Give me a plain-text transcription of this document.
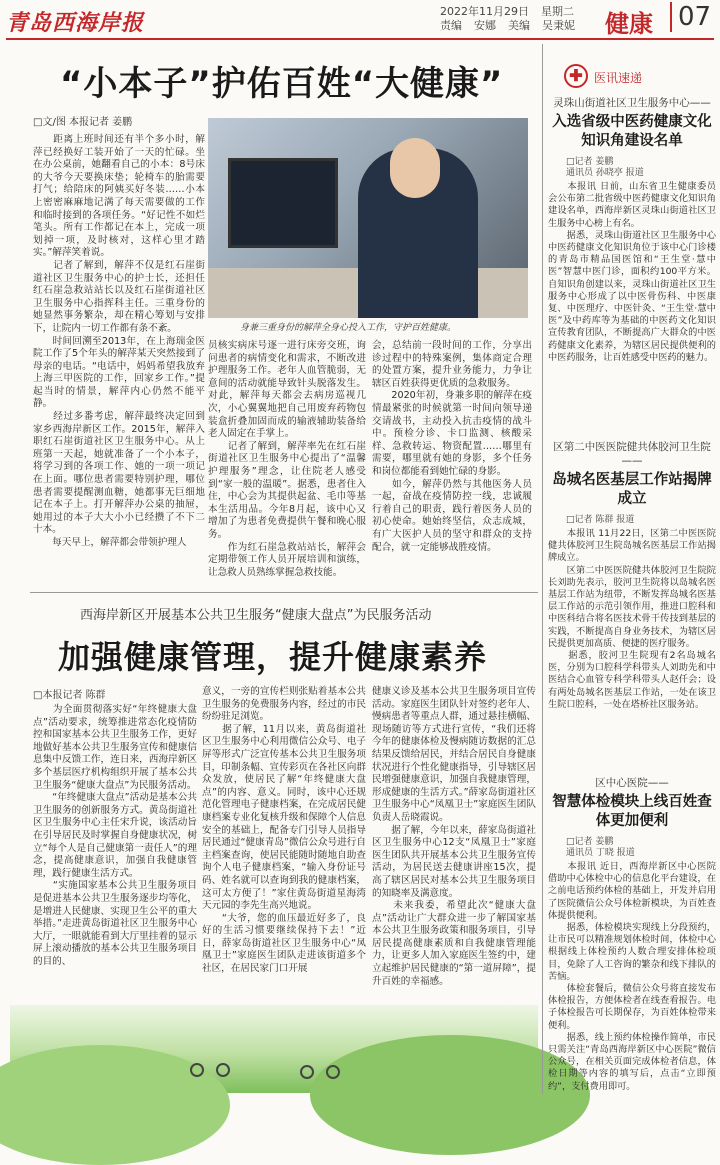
青岛西海岸报	2022年11月29日 星期二
责编 安娜 美编 吴秉妮 健康 07
“小本子”护佑百姓“大健康”
□文/图 本报记者 姜鹏
身兼三重身份的解萍全身心投入工作，守护百姓健康。
　　距离上班时间还有半个多小时，解萍已经换好工装开始了一天的忙碌。坐在办公桌前，她翻看自己的小本：8号床的大爷今天要换床垫；轮椅车的胎需要打气；给陪床的阿姨买好冬装……小本上密密麻麻地记满了每天需要做的工作和临时接到的各项任务。“好记性不如烂笔头。所有工作都记在本上，完成一项划掉一项，及时核对，这样心里才踏实。”解萍笑着说。
　　记者了解到，解萍不仅是红石崖街道社区卫生服务中心的护士长，还担任红石崖急救站站长以及红石崖街道社区卫生服务中心指挥科主任。三重身份的她显然事务繁杂，却在精心筹划与安排下，让院内一切工作都有条不紊。
　　时间回溯至2013年，在上海瑞金医院工作了5个年头的解萍某天突然接到了母亲的电话。“电话中，妈妈希望我放弃上海三甲医院的工作，回家乡工作。”提起当时的情景，解萍内心仍然不能平静。
　　经过多番考虑，解萍最终决定回到家乡西海岸新区工作。2015年，解萍入职红石崖街道社区卫生服务中心。从上班第一天起，她就准备了一个小本子，将学习到的各项工作、她的一项一项记在上面。哪位患者需要特别护理，哪位患者需要提醒测血糖，她都事无巨细地记在本子上。打开解萍办公桌的抽屉，她用过的本子大大小小已经攒了不下二十本。
　　每天早上，解萍都会带领护理人
员核实病床号逐一进行床旁交班，询问患者的病情变化和需求，不断改进护理服务工作。老年人血管脆弱，无意间的活动就能导致针头脱落发生。对此，解萍每天都会去病房巡视几次，小心翼翼地把自己用废弃药物包装盒折叠加固而成的输液辅助装备给老人固定在手掌上。
　　记者了解到，解萍率先在红石崖街道社区卫生服务中心提出了“温馨护理服务”理念，让住院老人感受到“家一般的温暖”。据悉，患者住入住，中心会为其提供起盆、毛巾等基本生活用品。今年8月起，该中心又增加了为患者免费提供午餐和晚心服务。
　　作为红石崖急救站站长，解萍会定期带领工作人员开展培训和演练，让急救人员熟练掌握急救技能。
会，总结前一段时间的工作，分享出诊过程中的特殊案例，集体商定合理的处置方案，提升业务能力，力争让辖区百姓获得更优质的急救服务。
　　2020年初，身兼多职的解萍在疫情最紧张的时候就第一时间向领导递交请战书，主动投入抗击疫情的战斗中。预检分诊、卡口监测、核酸采样、急救转运、物资配置……哪里有需要，哪里就有她的身影，多个任务和岗位都能看到她忙碌的身影。
　　如今，解萍仍然与其他医务人员一起，奋战在疫情防控一线，忠诚履行着自己的职责，践行着医务人员的初心使命。她始终坚信，众志成城，有广大医护人员的坚守和群众的支持配合，就一定能够战胜疫情。
西海岸新区开展基本公共卫生服务“健康大盘点”为民服务活动
加强健康管理，提升健康素养
□本报记者 陈群
　　为全面贯彻落实好“年终健康大盘点”活动要求，统筹推进常态化疫情防控和国家基本公共卫生服务工作，更好地做好基本公共卫生服务宣传和健康信息集中反馈工作，连日来，西海岸新区多个基层医疗机构组织开展了基本公共卫生服务“健康大盘点”为民服务活动。
　　“年终健康大盘点”活动是基本公共卫生服务的创新服务方式。黄岛街道社区卫生服务中心主任宋升说，该活动旨在引导居民及时掌握自身健康状况，树立“每个人是自己健康第一责任人”的理念，提高健康意识，加强自我健康管理，践行健康生活方式。
　　“实施国家基本公共卫生服务项目是促进基本公共卫生服务逐步均等化，是增进人民健康、实现卫生公平的重大举措。”走进黄岛街道社区卫生服务中心大厅，一眼就能看到大厅里挂着的显示屏上滚动播放的基本公共卫生服务项目的目的、
意义，一旁的宣传栏则张贴着基本公共卫生服务的免费服务内容，经过的市民纷纷驻足浏览。
　　据了解，11月以来，黄岛街道社区卫生服务中心利用微信公众号、电子屏等形式广泛宣传基本公共卫生服务项目，印制条幅、宣传彩页在各社区向群众发放，使居民了解“年终健康大盘点”的内容、意义。同时，该中心还规范化管理电子健康档案，在完成居民健康档案专业化复核升级和保障个人信息安全的基础上，配备专门引导人员指导居民通过“健康青岛”微信公众号进行自主档案查询，使居民能随时随地自助查询个人电子健康档案，“输入身份证号码、姓名就可以查询到我的健康档案，这可太方便了！”家住黄岛街道星海湾天元园的李先生高兴地说。
　　“大爷，您的血压最近好多了，良好的生活习惯要继续保持下去！”近日，薛家岛街道社区卫生服务中心“凤凰卫士”家庭医生团队走进该街道多个社区，在居民家门口开展
健康义诊及基本公共卫生服务项目宣传活动。家庭医生团队针对签约老年人、慢病患者等重点人群，通过悬挂横幅、现场随访等方式进行宣传，“我们还将今年的健康体检及慢病随访数据的汇总结果反馈给居民，并结合居民自身健康状况进行个性化健康指导，引导辖区居民增强健康意识，加强自我健康管理，形成健康的生活方式。”薛家岛街道社区卫生服务中心“凤凰卫士”家庭医生团队负责人岳晓霞说。
　　据了解，今年以来，薛家岛街道社区卫生服务中心12支“凤凰卫士”家庭医生团队共开展基本公共卫生服务宣传活动，为居民送去健康讲座15次，提高了辖区居民对基本公共卫生服务项目的知晓率及满意度。
　　未来我委，希望此次“健康大盘点”活动让广大群众进一步了解国家基本公共卫生服务政策和服务项目，引导居民提高健康素质和自我健康管理能力，让更多人加入家庭医生签约中，建立起维护居民健康的“第一道屏障”，提升百姓的幸福感。
✚ 医讯速递
灵珠山街道社区卫生服务中心——
入选省级中医药健康文化知识角建设名单
□记者 姜鹏
通讯员 孙晓亭 报道
　　本报讯 日前，山东省卫生健康委员会公布第二批省级中医药健康文化知识角建设名单，西海岸新区灵珠山街道社区卫生服务中心榜上有名。
　　据悉，灵珠山街道社区卫生服务中心中医药健康文化知识角位于该中心门诊楼的青岛市精品国医馆和“王生堂·慧中医”智慧中医门诊，面积约100平方米。自知识角创建以来，灵珠山街道社区卫生服务中心形成了以中医骨伤科、中医康复、中医理疗、中医针灸、“王生堂·慧中医”及中药库等为基础的中医药文化知识宣传教育团队，不断提高广大群众的中医药健康文化素养，为辖区居民提供便利的中医药服务，让百姓感受中医药的魅力。
区第二中医医院健共体胶河卫生院——
岛城名医基层工作站揭牌成立
□记者 陈群 报道
　　本报讯 11月22日，区第二中医医院健共体胶河卫生院岛城名医基层工作站揭牌成立。
　　区第二中医医院健共体胶河卫生院院长刘助先表示，胶河卫生院将以岛城名医基层工作站为纽带，不断发挥岛城名医基层工作站的示范引领作用，推进口腔科和中医科结合将名医技术骨干传技到基层的实践，不断提高自身业务技术，为辖区居民提供更加高质、便捷的医疗服务。
　　据悉，胶河卫生院现有2名岛城名医，分别为口腔科学科带头人刘助先和中医结合心血管专科学科带头人赵仟会；设有两处岛城名医基层工作站，一处在该卫生院口腔科，一处在塔桥社区服务站。
区中心医院——
智慧体检模块上线百姓查体更加便利
□记者 姜鹏
通讯员 丁晓 报道
　　本报讯 近日，西海岸新区中心医院借助中心体检中心的信息化平台建设，在之前电话预约体检的基础上，开发并启用了医院微信公众号体检新模块，为百姓查体提供便利。
　　据悉，体检模块实现线上分段预约，让市民可以精准规划体检时间，体检中心根据线上体检预约人数合理安排体检项目，免除了人工咨询的繁杂和线下排队的苦恼。
　　体检套餐后，微信公众号将直接发布体检报告，方便体检者在线查看报告。电子体检报告可长期保存，为百姓体检带来便利。
　　据悉，线上预约体检操作简单，市民只需关注“青岛西海岸新区中心医院”微信公众号，在相关页面完成体检者信息，体检日期等内容的填写后，点击“立即预约”，支付费用即可。
